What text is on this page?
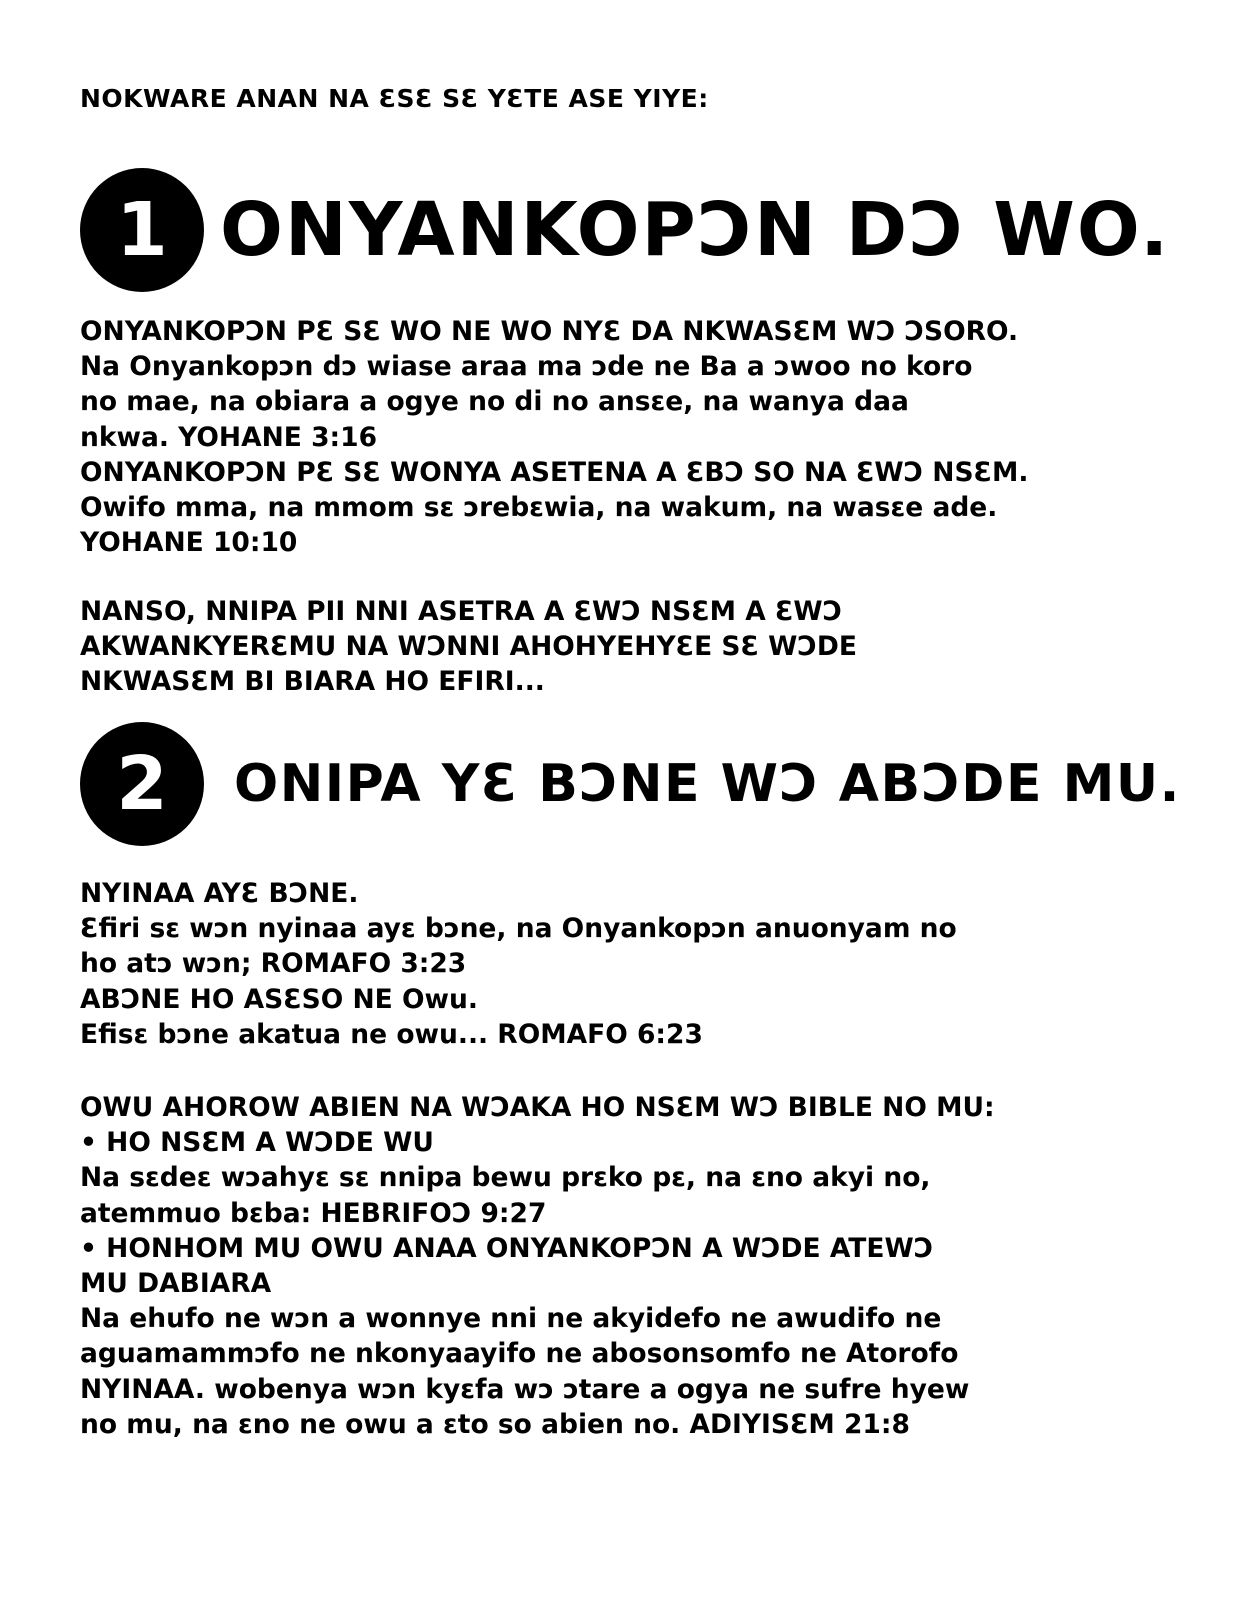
NOKWARE ANAN NA ƐSƐ SƐ YƐTE ASE YIYE:
1 ONYANKOPƆN DƆ WO.
ONYANKOPƆN PƐ SƐ WO NE WO NYƐ DA NKWASƐM WƆ ƆSORO.
Na Onyankopɔn dɔ wiase araa ma ɔde ne Ba a ɔwoo no koro
no mae, na obiara a ogye no di no ansɛe, na wanya daa
nkwa. YOHANE 3:16
ONYANKOPƆN PƐ SƐ WONYA ASETENA A ƐBƆ SO NA ƐWƆ NSƐM.
Owifo mma, na mmom sɛ ɔrebɛwia, na wakum, na wasɛe ade.
YOHANE 10:10
NANSO, NNIPA PII NNI ASETRA A ƐWƆ NSƐM A ƐWƆ
AKWANKYERƐMU NA WƆNNI AHOHYEHYƐE SƐ WƆDE
NKWASƐM BI BIARA HO EFIRI...
2	ONIPA YƐ BƆNE WƆ ABƆDE MU.
NYINAA AYƐ BƆNE.
Ɛfiri sɛ wɔn nyinaa ayɛ bɔne, na Onyankopɔn anuonyam no
ho atɔ wɔn; ROMAFO 3:23
ABƆNE HO ASƐSO NE Owu.
Efisɛ bɔne akatua ne owu... ROMAFO 6:23
OWU AHOROW ABIEN NA WƆAKA HO NSƐM WƆ BIBLE NO MU:
• HO NSƐM A WƆDE WU
Na sɛdeɛ wɔahyɛ sɛ nnipa bewu prɛko pɛ, na ɛno akyi no,
atemmuo bɛba: HEBRIFOƆ 9:27
• HONHOM MU OWU ANAA ONYANKOPƆN A WƆDE ATEWƆ
MU DABIARA
Na ehufo ne wɔn a wonnye nni ne akyidefo ne awudifo ne
aguamammɔfo ne nkonyaayifo ne abosonsomfo ne Atorofo
NYINAA. wobenya wɔn kyɛfa wɔ ɔtare a ogya ne sufre hyew
no mu, na ɛno ne owu a ɛto so abien no. ADIYISƐM 21:8
